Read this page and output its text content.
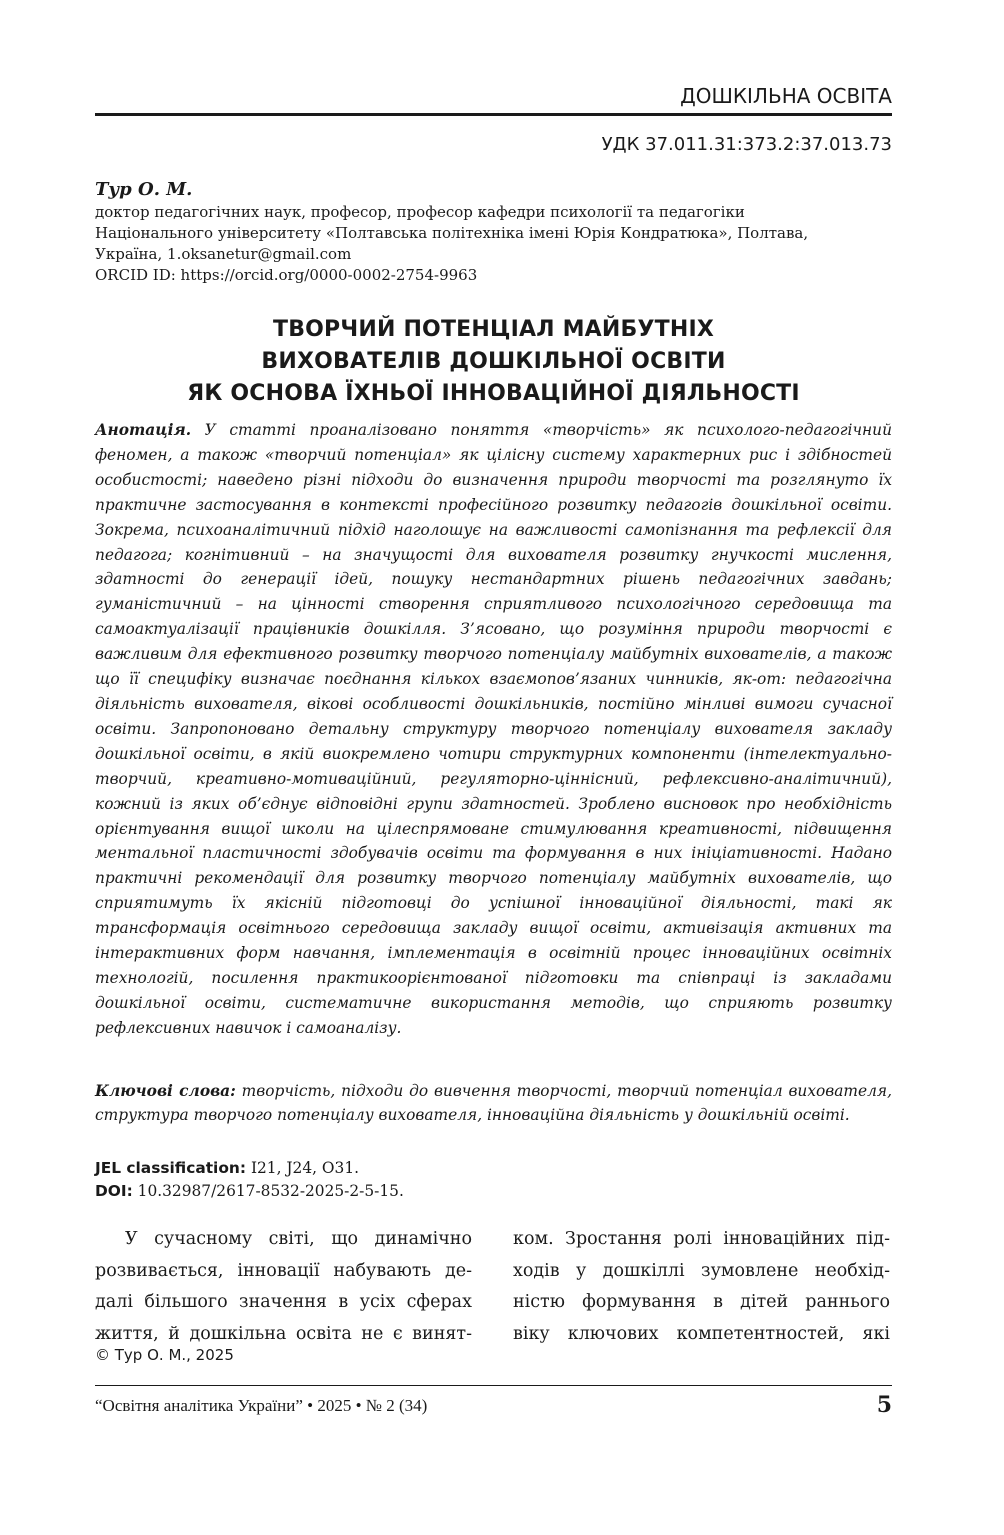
ДОШКІЛЬНА ОСВІТА
УДК 37.011.31:373.2:37.013.73

Тур О. М.

доктор педагогічних наук, професор, професор кафедри психології та педагогіки

Національного університету «Полтавська політехніка імені Юрія Кондратюка», Полтава,

Україна, 1.oksanetur@gmail.com

ORCID ID: https://orcid.org/0000-0002-2754-9963

ТВОРЧИЙ ПОТЕНЦІАЛ МАЙБУТНІХ

ВИХОВАТЕЛІВ ДОШКІЛЬНОЇ ОСВІТИ

ЯК ОСНОВА ЇХНЬОЇ ІННОВАЦІЙНОЇ ДІЯЛЬНОСТІ

Анотація. У статті проаналізовано поняття «творчість» як психолого-педагогічний феномен, а також «творчий потенціал» як цілісну систему характерних рис і здібностей особистості; наведено різні підходи до визначення природи творчості та розглянуто їх практичне застосування в контексті професійного розвитку педагогів дошкільної освіти. Зокрема, психоаналітичний підхід наголошує на важливості самопізнання та рефлексії для педагога; когнітивний – на значущості для вихователя розвитку гнучкості мислення, здатності до генерації ідей, пошуку нестандартних рішень педагогічних завдань; гуманістичний – на цінності створення сприятливого психологічного середовища та самоактуалізації працівників дошкілля. З’ясовано, що розуміння природи творчості є важливим для ефективного розвитку творчого потенціалу майбутніх вихователів, а також що її специфіку визначає поєднання кількох взаємопов’язаних чинників, як-от: педагогічна діяльність вихователя, вікові особливості дошкільників, постійно мінливі вимоги сучасної освіти. Запропоновано детальну структуру творчого потенціалу вихователя закладу дошкільної освіти, в якій виокремлено чотири структурних компоненти (інтелектуально-творчий, креативно-мотиваційний, регуляторно-ціннісний, рефлексивно-аналітичний), кожний із яких об’єднує відповідні групи здатностей. Зроблено висновок про необхідність орієнтування вищої школи на цілеспрямоване стимулювання креативності, підвищення ментальної пластичності здобувачів освіти та формування в них ініціативності. Надано практичні рекомендації для розвитку творчого потенціалу майбутніх вихователів, що сприятимуть їх якісній підготовці до успішної інноваційної діяльності, такі як трансформація освітнього середовища закладу вищої освіти, активізація активних та інтерактивних форм навчання, імплементація в освітній процес інноваційних освітніх технологій, посилення практикоорієнтованої підготовки та співпраці із закладами дошкільної освіти, систематичне використання методів, що сприяють розвитку рефлексивних навичок і самоаналізу.

Ключові слова: творчість, підходи до вивчення творчості, творчий потенціал вихователя, структура творчого потенціалу вихователя, інноваційна діяльність у дошкільній освіті.

JEL classification: I21, J24, O31.

DOI: 10.32987/2617-8532-2025-2-5-15.

У сучасному світі, що динамічно
розвивається, інновації набувають де-
далі більшого значення в усіх сферах
життя, й дошкільна освіта не є винят-
ком. Зростання ролі інноваційних під-
ходів у дошкіллі зумовлене необхід-
ністю формування в дітей раннього
віку ключових компетентностей, які
© Тур О. М., 2025
“Освітня аналітика України” • 2025 • № 2 (34)	5
